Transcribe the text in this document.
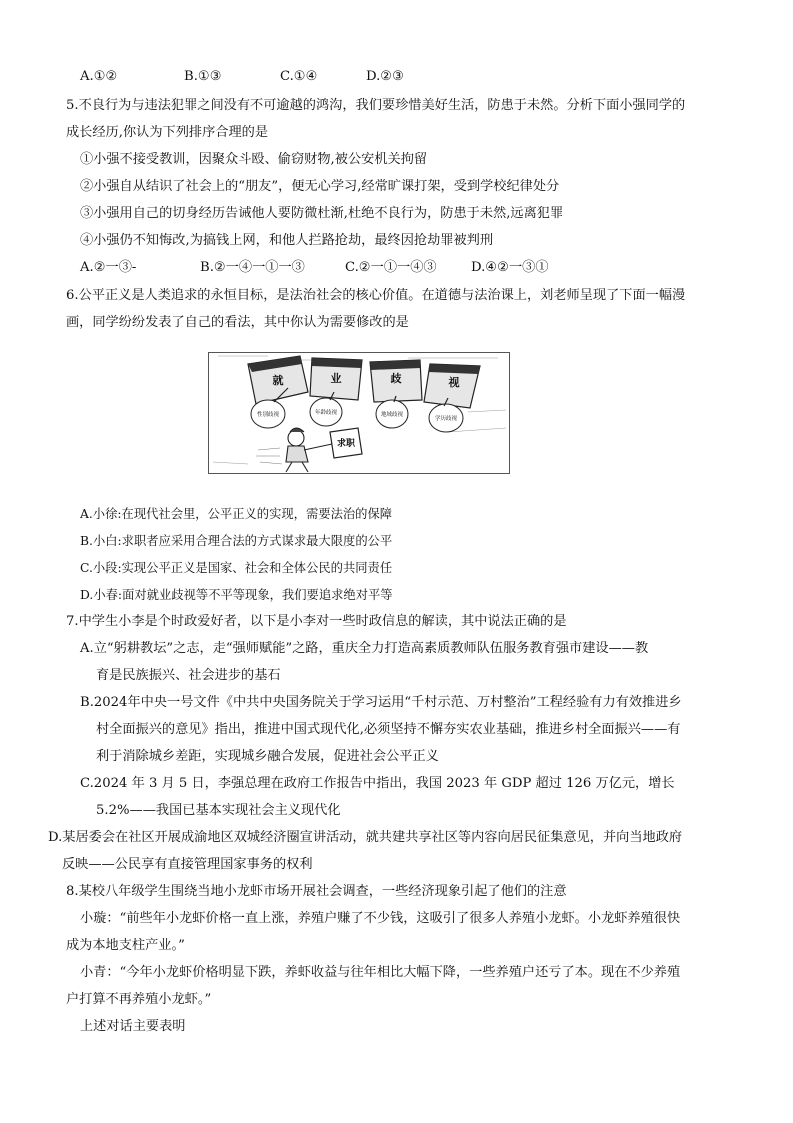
A.①②	B.①③	C.①④	D.②③
5.不良行为与违法犯罪之间没有不可逾越的鸿沟，我们要珍惜美好生活，防患于未然。分析下面小强同学的
成长经历,你认为下列排序合理的是
①小强不接受教训，因聚众斗殴、偷窃财物,被公安机关拘留
②小强自从结识了社会上的“朋友”，便无心学习,经常旷课打架，受到学校纪律处分
③小强用自己的切身经历告诫他人要防微杜渐,杜绝不良行为，防患于未然,远离犯罪
④小强仍不知悔改,为搞钱上网，和他人拦路抢劫，最终因抢劫罪被判刑
A.②一③-	B.②一④一①一③	C.②一①一④③	D.④②一③①
6.公平正义是人类追求的永恒目标，是法治社会的核心价值。在道德与法治课上，刘老师呈现了下面一幅漫
画，同学纷纷发表了自己的看法，其中你认为需要修改的是
就	业	歧	视
性别歧视	年龄歧视	地域歧视
学历歧视
求职
A.小徐:在现代社会里，公平正义的实现，需要法治的保障
B.小白:求职者应采用合理合法的方式谋求最大限度的公平
C.小段:实现公平正义是国家、社会和全体公民的共同责任
D.小春:面对就业歧视等不平等现象，我们要追求绝对平等
7.中学生小李是个时政爱好者，以下是小李对一些时政信息的解读，其中说法正确的是
A.立“躬耕教坛”之志，走“强师赋能”之路，重庆全力打造高素质教师队伍服务教育强市建设——教
育是民族振兴、社会进步的基石
B.2024年中央一号文件《中共中央国务院关于学习运用“千村示范、万村整治”工程经验有力有效推进乡
村全面振兴的意见》指出，推进中国式现代化,必须坚持不懈夯实农业基础，推进乡村全面振兴——有
利于消除城乡差距，实现城乡融合发展，促进社会公平正义
C.2024 年 3 月 5 日，李强总理在政府工作报告中指出，我国 2023 年 GDP 超过 126 万亿元，增长
5.2%——我国已基本实现社会主义现代化
D.某居委会在社区开展成渝地区双城经济圈宣讲活动，就共建共享社区等内容向居民征集意见，并向当地政府
反映——公民享有直接管理国家事务的权利
8.某校八年级学生围绕当地小龙虾市场开展社会调查，一些经济现象引起了他们的注意
小璇：“前些年小龙虾价格一直上涨，养殖户赚了不少钱，这吸引了很多人养殖小龙虾。小龙虾养殖很快
成为本地支柱产业。”
小青：“今年小龙虾价格明显下跌，养虾收益与往年相比大幅下降，一些养殖户还亏了本。现在不少养殖
户打算不再养殖小龙虾。”
上述对话主要表明
